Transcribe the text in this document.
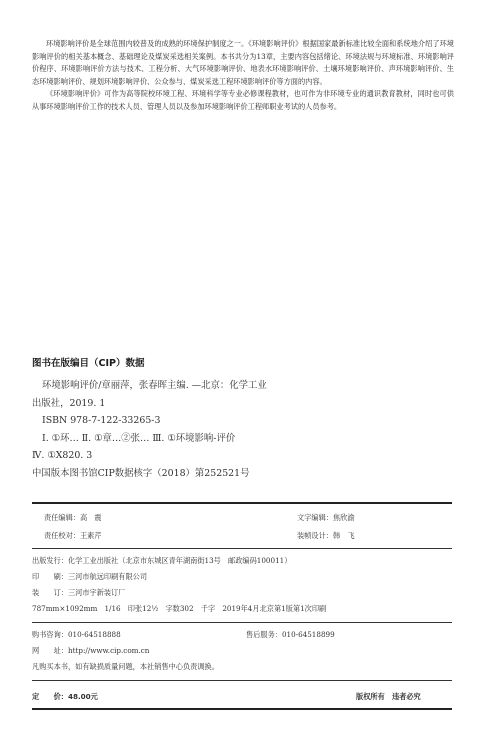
环境影响评价是全球范围内较普及的成熟的环境保护制度之一。《环境影响评价》根据国家最新标准比较全面和系统地介绍了环境影响评价的相关基本概念、基础理论及煤炭采选相关案例。本书共分为13章，主要内容包括绪论、环境法规与环境标准、环境影响评价程序、环境影响评价方法与技术、工程分析、大气环境影响评价、地表水环境影响评价、土壤环境影响评价、声环境影响评价、生态环境影响评价、规划环境影响评价、公众参与、煤炭采选工程环境影响评价等方面的内容。

《环境影响评价》可作为高等院校环境工程、环境科学等专业必修课程教材，也可作为非环境专业的通识教育教材，同时也可供从事环境影响评价工作的技术人员、管理人员以及参加环境影响评价工程师职业考试的人员参考。

图书在版编目（CIP）数据
环境影响评价/章丽萍，张春晖主编. —北京：化学工业
出版社，2019. 1
ISBN 978-7-122-33265-3
Ⅰ. ①环… Ⅱ. ①章…②张… Ⅲ. ①环境影响-评价
Ⅳ. ①X820. 3
中国版本图书馆CIP数据核字（2018）第252521号
责任编辑：高　震	文字编辑：焦欣渝
责任校对：王素芹	装帧设计：韩　飞
出版发行：化学工业出版社（北京市东城区青年湖南街13号　邮政编码100011）
印　　刷：三河市航远印刷有限公司
装　　订：三河市宇新装订厂
787mm×1092mm　1/16　印张12½　字数302　千字　2019年4月北京第1版第1次印刷
购书咨询：010-64518888	售后服务：010-64518899
网　　址：http://www.cip.com.cn
凡购买本书，如有缺损质量问题，本社销售中心负责调换。
定　　价：48.00元	版权所有　违者必究
